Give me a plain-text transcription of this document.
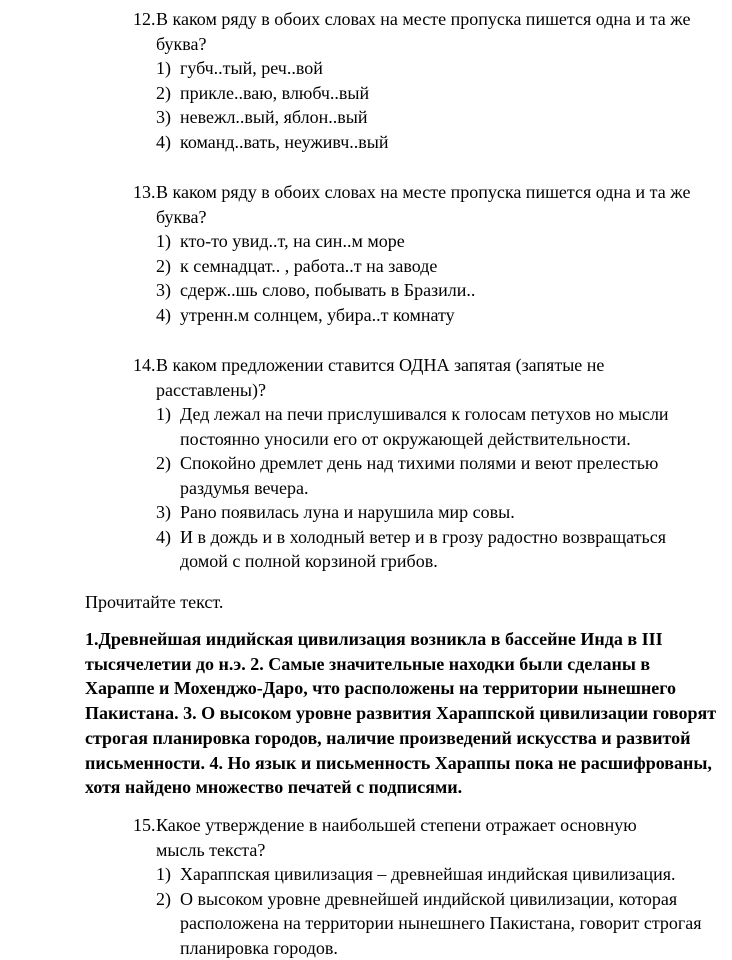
12. В каком ряду в обоих словах на месте пропуска пишется одна и та же буква?
1) губч..тый, реч..вой
2) прикле..ваю, влюбч..вый
3) невежл..вый, яблон..вый
4) команд..вать, неуживч..вый
13. В каком ряду в обоих словах на месте пропуска пишется одна и та же буква?
1) кто-то увид..т, на син..м море
2) к семнадцат.. , работа..т на заводе
3) сдерж..шь слово, побывать в Бразили..
4) утренн.м солнцем, убира..т комнату
14. В каком предложении ставится ОДНА запятая (запятые не расставлены)?
1) Дед лежал на печи прислушивался к голосам петухов но мысли постоянно уносили его от окружающей действительности.
2) Спокойно дремлет день над тихими полями и веют прелестью раздумья вечера.
3) Рано появилась луна и нарушила мир совы.
4) И в дождь и в холодный ветер и в грозу радостно возвращаться домой с полной корзиной грибов.
Прочитайте текст.
1.Древнейшая индийская цивилизация возникла в бассейне Инда в III тысячелетии до н.э. 2. Самые значительные находки были сделаны в Хараппе и Мохенджо-Даро, что расположены на территории нынешнего Пакистана. 3. О высоком уровне развития Хараппской цивилизации говорят строгая планировка городов, наличие произведений искусства и развитой письменности. 4. Но язык и письменность Хараппы пока не расшифрованы, хотя найдено множество печатей с подписями.
15. Какое утверждение в наибольшей степени отражает основную мысль текста?
1) Хараппская цивилизация – древнейшая индийская цивилизация.
2) О высоком уровне древнейшей индийской цивилизации, которая расположена на территории нынешнего Пакистана, говорит строгая планировка городов.
